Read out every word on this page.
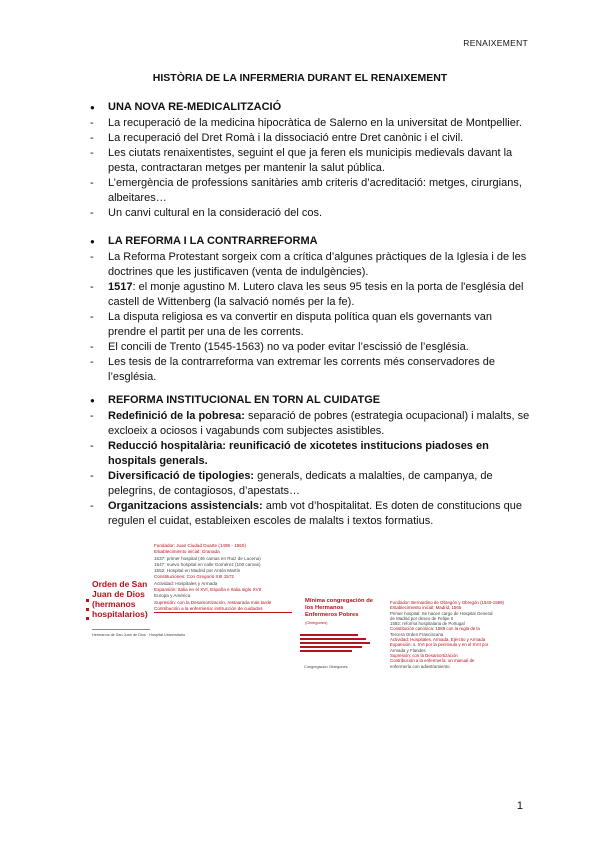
RENAIXEMENT
HISTÒRIA DE LA INFERMERIA DURANT EL RENAIXEMENT
● UNA NOVA RE-MEDICALITZACIÓ
- La recuperació de la medicina hipocràtica de Salerno en la universitat de Montpellier.
- La recuperació del Dret Romà i la dissociació entre Dret canònic i el civil.
- Les ciutats renaixentistes, seguint el que ja feren els municipis medievals davant la pesta, contractaran metges per mantenir la salut pública.
- L’emergència de professions sanitàries amb criteris d’acreditació: metges, cirurgians, albeitares…
- Un canvi cultural en la consideració del cos.
● LA REFORMA I LA CONTRARREFORMA
- La Reforma Protestant sorgeix com a crítica d’algunes pràctiques de la Iglesia i de les doctrines que les justificaven (venta de indulgències).
- 1517: el monje agustino M. Lutero clava les seus 95 tesis en la porta de l'església del castell de Wittenberg (la salvació només per la fe).
- La disputa religiosa es va convertir en disputa política quan els governants van prendre el partit per una de les corrents.
- El concili de Trento (1545-1563) no va poder evitar l’escissió de l’església.
- Les tesis de la contrarreforma van extremar les corrents més conservadores de l’església.
● REFORMA INSTITUCIONAL EN TORN AL CUIDATGE
- Redefinició de la pobresa: separació de pobres (estrategia ocupacional) i malalts, se excloeix a ociosos i vagabunds com subjectes asistibles.
- Reducció hospitalària: reunificació de xicotetes institucions piadoses en hospitals generals.
- Diversificació de tipologies: generals, dedicats a malalties, de campanya, de pelegrins, de contagiosos, d’apestats…
- Organitzacions assistencials: amb vot d’hospitalitat. Es doten de constitucions que regulen el cuidat, estableixen escoles de malalts i textos formatius.
Orden de San Juan de Dios (hermanos hospitalarios)
Hermanos de San Juan de Dios · Hospital Universitario
Fundador: Juan Ciudad Duarte (1495 - 1550)
Establecimiento inicial: Granada
1537: primer hospital (46 camas en Ruiz de Lucena)
1547: nuevo hospital en calle Gomérez (100 camas)
1552: Hospital en Madrid por Antón Martín
Constituciones: Con Gregorio XIII 1572
Actividad: Hospitales y Armada
Expansión: Italia en el XVI, España e Italia siglo XVII
Europa y América
Supresión: con la Desamortización, restaurada más tarde
Contribución a la enfermería: instrucción de cuidados
Mínima congregación de los Hermanos Enfermeros Pobres (Obregones)
Congregación Obregones
Fundador: Bernardino de Obregón y Obregón (1540-1599)
Establecimiento inicial: Madrid, 1565
Primer hospital: Se hacen cargo de Hospital General
de Madrid por deseo de Felipe II
1592: reforma hospitalaria de Portugal
Constitución canónica: 1589 con la regla de la
Tercera Orden Franciscana
Actividad: Hospitales, Armada, Ejército y Armada
Expansión: s. XVI por la península y en el XVII por
Armada y Flandes
Supresión: con la Desamortización
Contribución a la enfermería: un manual de
enfermería con adiestramiento
1
